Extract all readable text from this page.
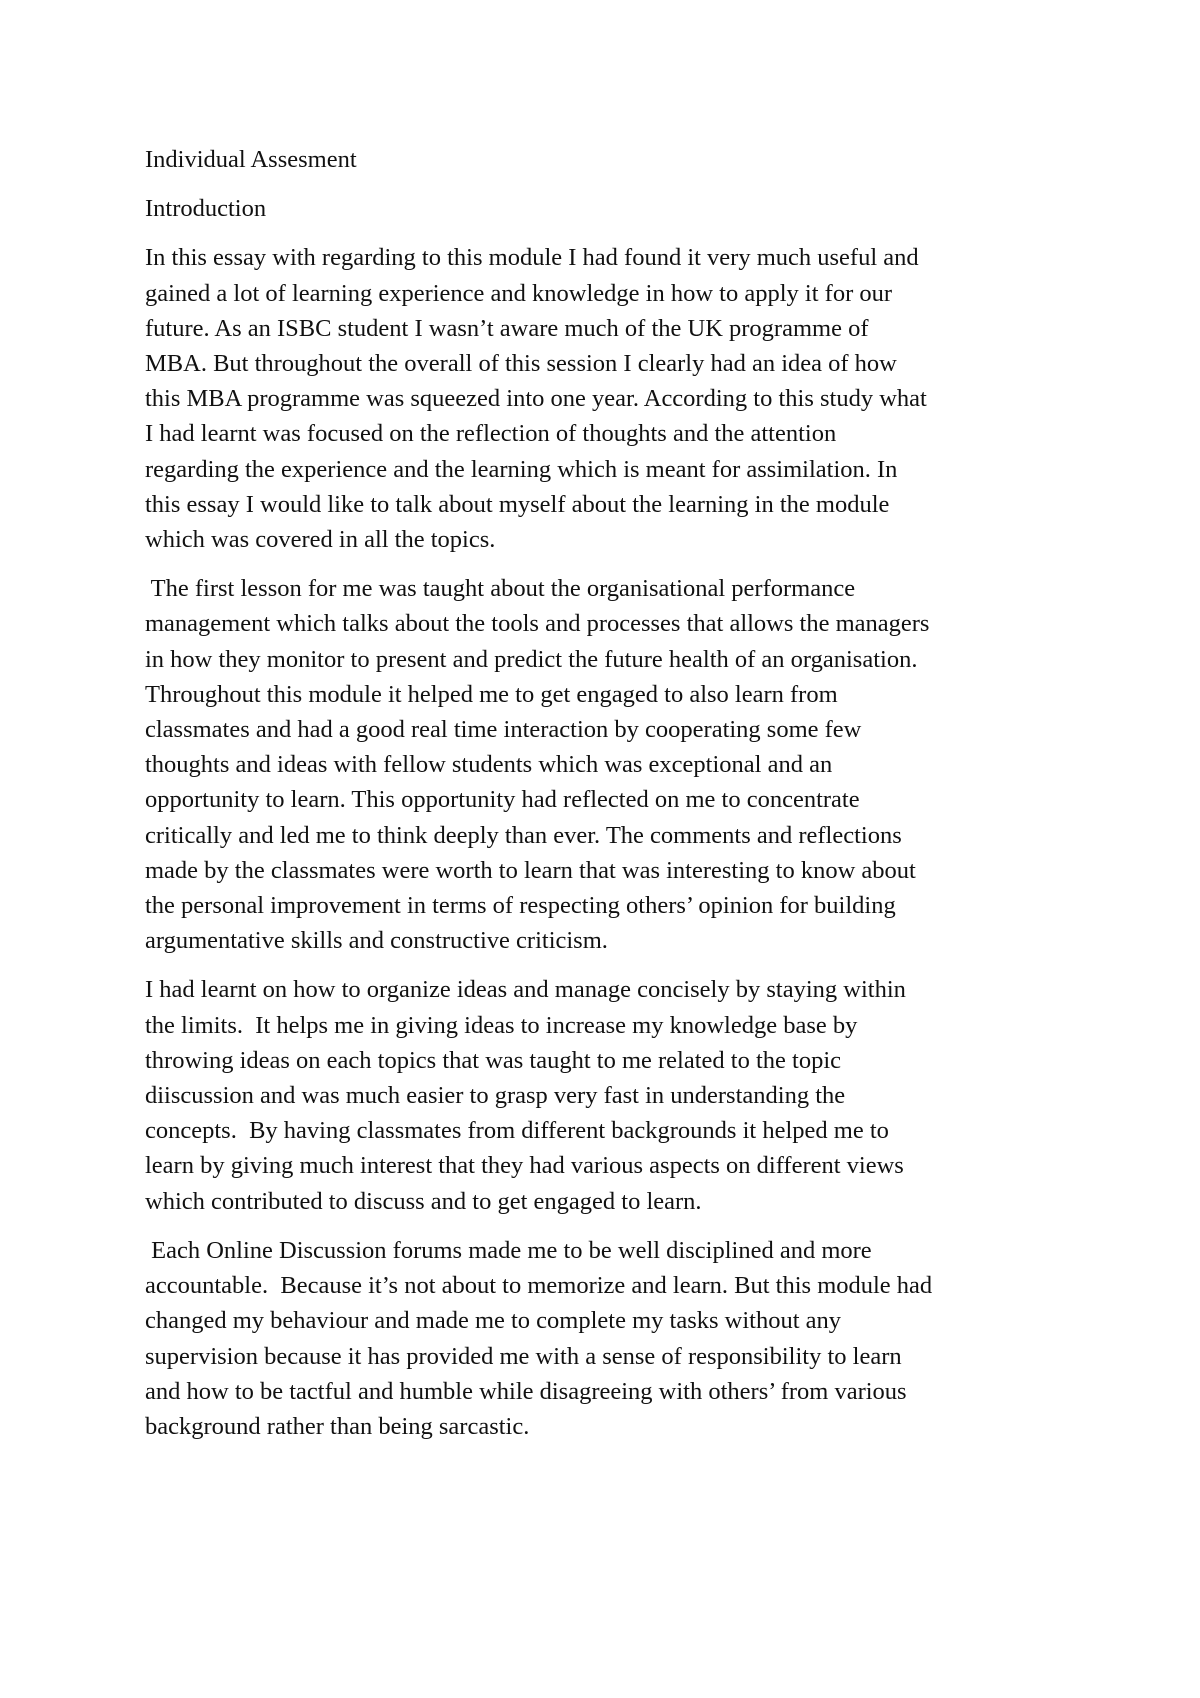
Individual Assesment
Introduction
In this essay with regarding to this module I had found it very much useful and
gained a lot of learning experience and knowledge in how to apply it for our
future. As an ISBC student I wasn’t aware much of the UK programme of
MBA. But throughout the overall of this session I clearly had an idea of how
this MBA programme was squeezed into one year. According to this study what
I had learnt was focused on the reflection of thoughts and the attention
regarding the experience and the learning which is meant for assimilation. In
this essay I would like to talk about myself about the learning in the module
which was covered in all the topics.
The first lesson for me was taught about the organisational performance
management which talks about the tools and processes that allows the managers
in how they monitor to present and predict the future health of an organisation.
Throughout this module it helped me to get engaged to also learn from
classmates and had a good real time interaction by cooperating some few
thoughts and ideas with fellow students which was exceptional and an
opportunity to learn. This opportunity had reflected on me to concentrate
critically and led me to think deeply than ever. The comments and reflections
made by the classmates were worth to learn that was interesting to know about
the personal improvement in terms of respecting others’ opinion for building
argumentative skills and constructive criticism.
I had learnt on how to organize ideas and manage concisely by staying within
the limits.  It helps me in giving ideas to increase my knowledge base by
throwing ideas on each topics that was taught to me related to the topic
diiscussion and was much easier to grasp very fast in understanding the
concepts.  By having classmates from different backgrounds it helped me to
learn by giving much interest that they had various aspects on different views
which contributed to discuss and to get engaged to learn.
Each Online Discussion forums made me to be well disciplined and more
accountable.  Because it’s not about to memorize and learn. But this module had
changed my behaviour and made me to complete my tasks without any
supervision because it has provided me with a sense of responsibility to learn
and how to be tactful and humble while disagreeing with others’ from various
background rather than being sarcastic.
